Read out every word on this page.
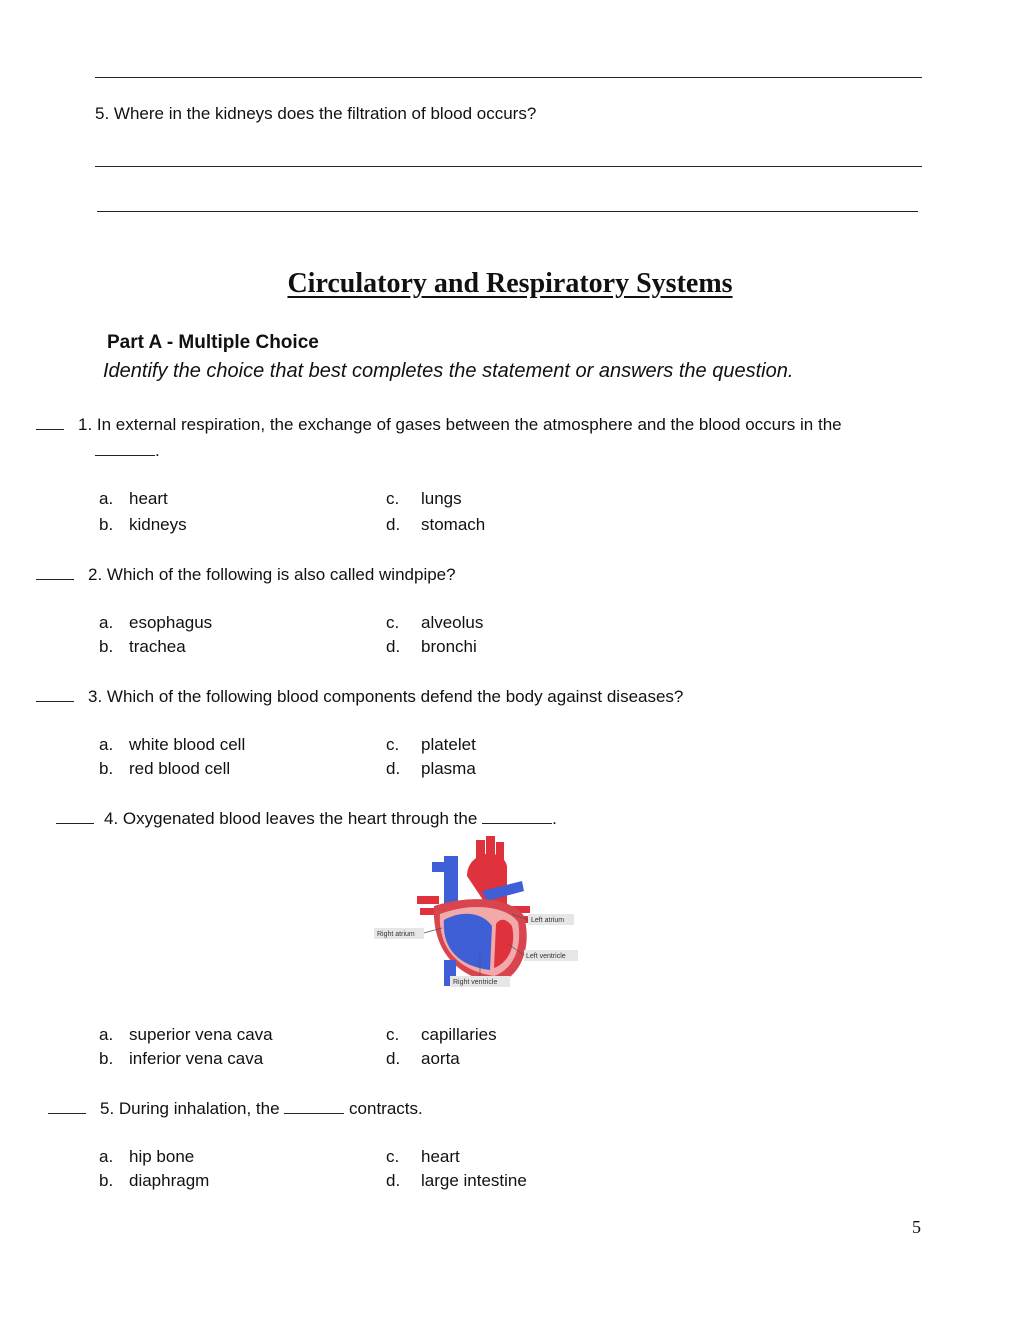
5. Where in the kidneys does the filtration of blood occurs?
Circulatory and Respiratory Systems
Part A - Multiple Choice
Identify the choice that best completes the statement or answers the question.
1. In external respiration, the exchange of gases between the atmosphere and the blood occurs in the
.
a. heart
b. kidneys
c. lungs
d. stomach
2. Which of the following is also called windpipe?
a. esophagus
b. trachea
c. alveolus
d. bronchi
3. Which of the following blood components defend the body against diseases?
a. white blood cell
b. red blood cell
c. platelet
d. plasma
4. Oxygenated blood leaves the heart through the	.
Right atrium
Left atrium
Left ventricle
Right ventricle
a. superior vena cava
b. inferior vena cava
c. capillaries
d. aorta
5. During inhalation, the	contracts.
a. hip bone
b. diaphragm
c. heart
d. large intestine
5
